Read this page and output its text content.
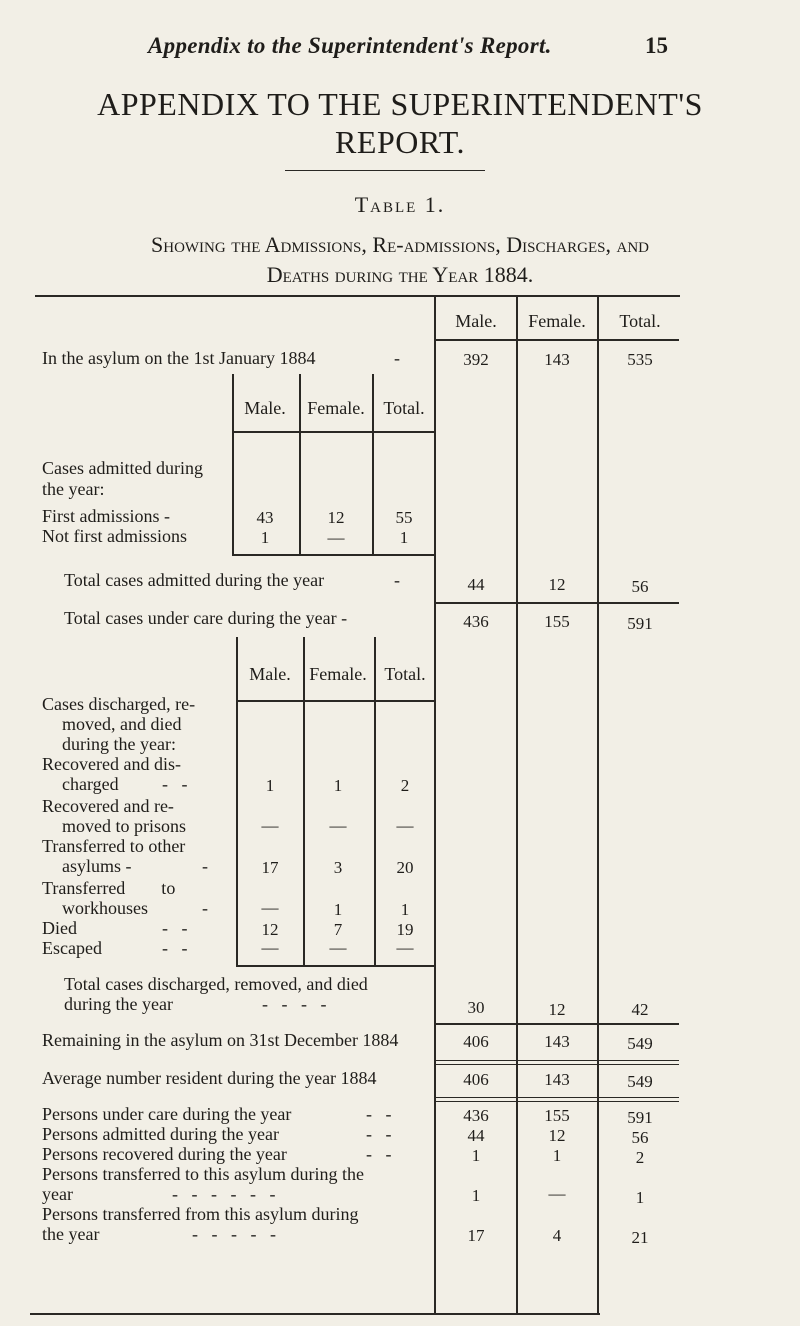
Appendix to the Superintendent's Report.	15
APPENDIX TO THE SUPERINTENDENT'S
REPORT.
Table 1.
Showing the Admissions, Re-admissions, Discharges, and
Deaths during the Year 1884.
Male. Female. Total.
In the asylum on the 1st January 1884	-	392	143	535
Male. Female. Total.
Cases admitted during
the year:
First admissions -	43	12	55
Not first admissions	1	—	1
Total cases admitted during the year	-	44	12	56
Total cases under care during the year -	436	155	591
Male. Female. Total.
Cases discharged, re-
moved, and died
during the year:
Recovered and dis-
charged -   -	1	1	2
Recovered and re-
moved to prisons	—	—	—
Transferred to other
asylums -	-	17	3	20
Transferred        to
workhouses	-	—	1	1
Died	-   -	12	7	19
Escaped	-   -	—	—	—
Total cases discharged, removed, and died
during the year	-   -   -   -	30	12	42
Remaining in the asylum on 31st December 1884	406	143	549
Average number resident during the year 1884	406	143	549
Persons under care during the year	-   -	436	155	591
Persons admitted during the year	-   -	44	12	56
Persons recovered during the year	-   -	1	1	2
Persons transferred to this asylum during the
year	-   -   -   -   -   -	1	—	1
Persons transferred from this asylum during
the year	-   -   -   -   -	17	4	21
